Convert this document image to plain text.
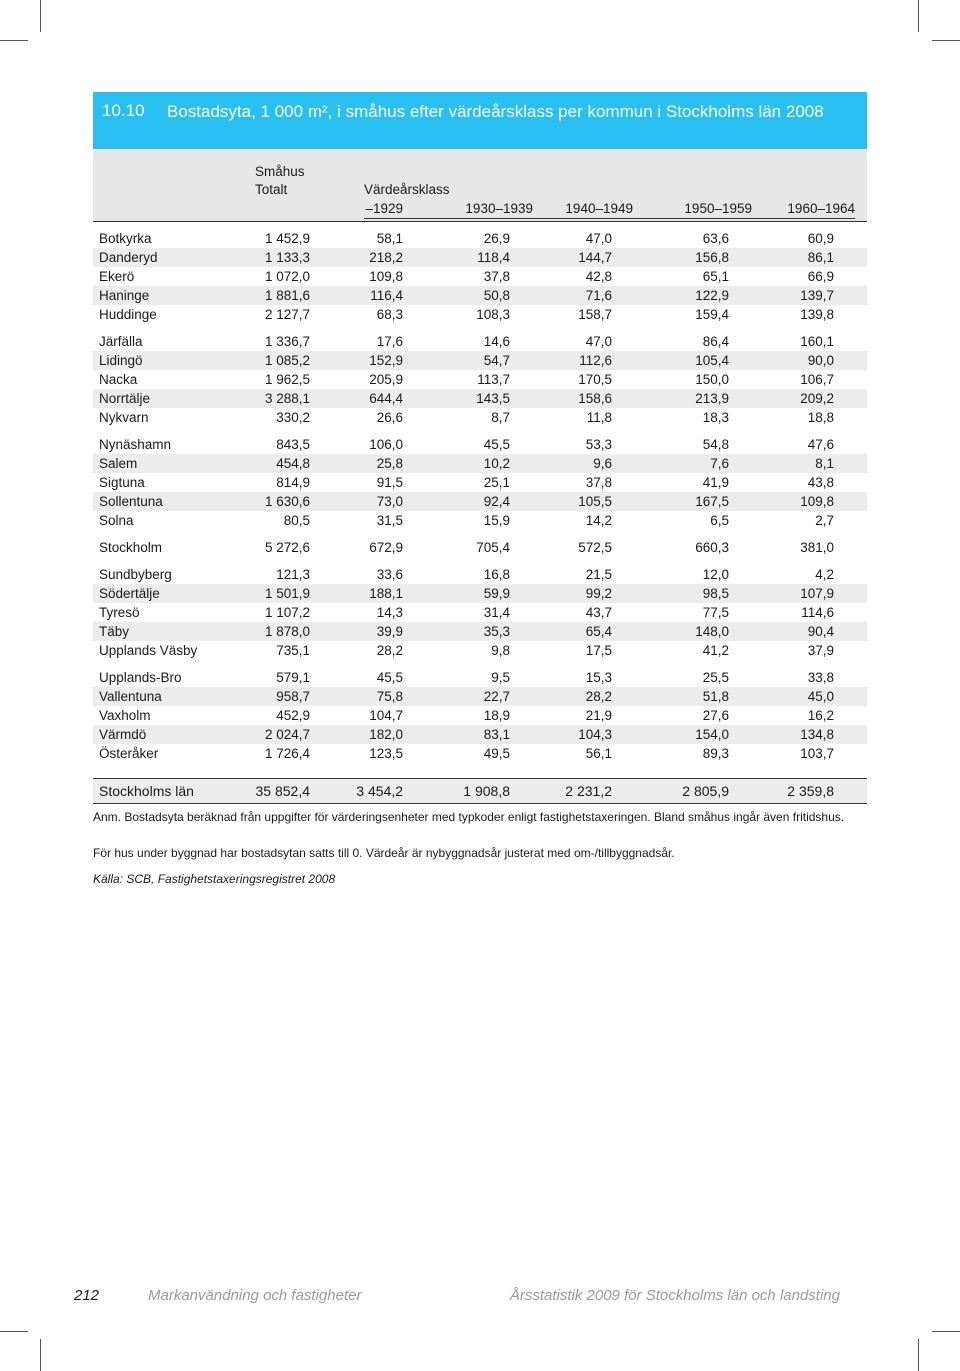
10.10 Bostadsyta, 1 000 m², i småhus efter värdeårsklass per kommun i Stockholms län 2008
Småhus
Totalt	Värdeårsklass
–1929	1930–1939 1940–1949	1950–1959	1960–1964
Botkyrka	1 452,9	58,1	26,9	47,0	63,6	60,9
Danderyd	1 133,3	218,2	118,4	144,7	156,8	86,1
Ekerö	1 072,0	109,8	37,8	42,8	65,1	66,9
Haninge	1 881,6	116,4	50,8	71,6	122,9	139,7
Huddinge	2 127,7	68,3	108,3	158,7	159,4	139,8
Järfälla	1 336,7	17,6	14,6	47,0	86,4	160,1
Lidingö	1 085,2	152,9	54,7	112,6	105,4	90,0
Nacka	1 962,5	205,9	113,7	170,5	150,0	106,7
Norrtälje	3 288,1	644,4	143,5	158,6	213,9	209,2
Nykvarn	330,2	26,6	8,7	11,8	18,3	18,8
Nynäshamn	843,5	106,0	45,5	53,3	54,8	47,6
Salem	454,8	25,8	10,2	9,6	7,6	8,1
Sigtuna	814,9	91,5	25,1	37,8	41,9	43,8
Sollentuna	1 630,6	73,0	92,4	105,5	167,5	109,8
Solna	80,5	31,5	15,9	14,2	6,5	2,7
Stockholm	5 272,6	672,9	705,4	572,5	660,3	381,0
Sundbyberg	121,3	33,6	16,8	21,5	12,0	4,2
Södertälje	1 501,9	188,1	59,9	99,2	98,5	107,9
Tyresö	1 107,2	14,3	31,4	43,7	77,5	114,6
Täby	1 878,0	39,9	35,3	65,4	148,0	90,4
Upplands Väsby	735,1	28,2	9,8	17,5	41,2	37,9
Upplands-Bro	579,1	45,5	9,5	15,3	25,5	33,8
Vallentuna	958,7	75,8	22,7	28,2	51,8	45,0
Vaxholm	452,9	104,7	18,9	21,9	27,6	16,2
Värmdö	2 024,7	182,0	83,1	104,3	154,0	134,8
Österåker	1 726,4	123,5	49,5	56,1	89,3	103,7
Stockholms län	35 852,4	3 454,2	1 908,8	2 231,2	2 805,9	2 359,8
Anm. Bostadsyta beräknad från uppgifter för värderingsenheter med typkoder enligt fastighetstaxeringen. Bland småhus ingår även fritidshus.
För hus under byggnad har bostadsytan satts till 0. Värdeår är nybyggnadsår justerat med om-/tillbyggnadsår.
Källa: SCB, Fastighetstaxeringsregistret 2008
212	Markanvändning och fastigheter	Årsstatistik 2009 för Stockholms län och landsting
